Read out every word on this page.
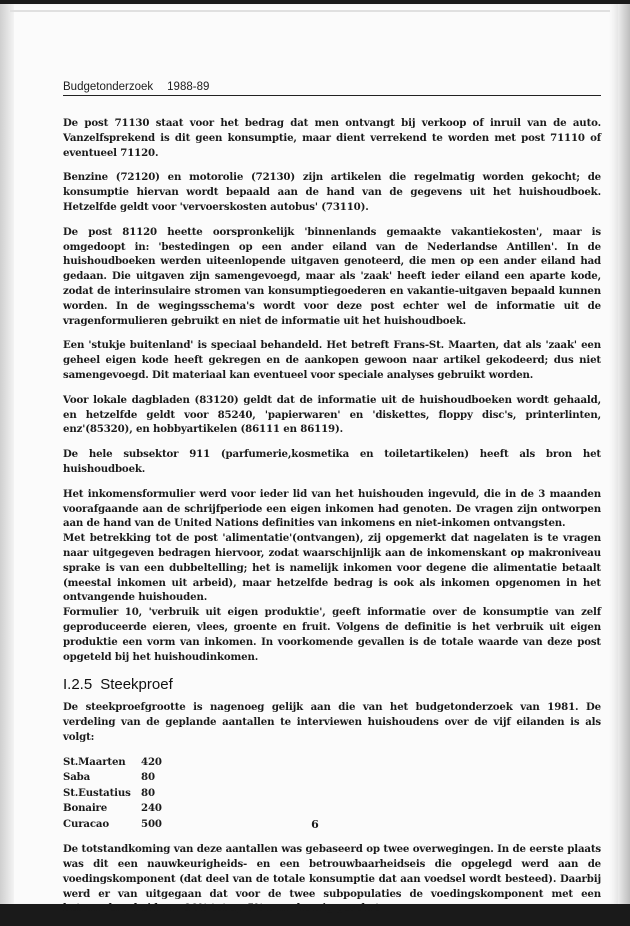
Budgetonderzoek 1988-89

De post 71130 staat voor het bedrag dat men ontvangt bij verkoop of inruil van de auto. Vanzelfsprekend is dit geen konsumptie, maar dient verrekend te worden met post 71110 of eventueel 71120.

Benzine (72120) en motorolie (72130) zijn artikelen die regelmatig worden gekocht; de konsumptie hiervan wordt bepaald aan de hand van de gegevens uit het huishoudboek. Hetzelfde geldt voor 'vervoerskosten autobus' (73110).

De post 81120 heette oorspronkelijk 'binnenlands gemaakte vakantiekosten', maar is omgedoopt in: 'bestedingen op een ander eiland van de Nederlandse Antillen'. In de huishoudboeken werden uiteenlopende uitgaven genoteerd, die men op een ander eiland had gedaan. Die uitgaven zijn samengevoegd, maar als 'zaak' heeft ieder eiland een aparte kode, zodat de interinsulaire stromen van konsumptiegoederen en vakantie-uitgaven bepaald kunnen worden. In de wegingsschema's wordt voor deze post echter wel de informatie uit de vragenformulieren gebruikt en niet de informatie uit het huishoudboek.

Een 'stukje buitenland' is speciaal behandeld. Het betreft Frans-St. Maarten, dat als 'zaak' een geheel eigen kode heeft gekregen en de aankopen gewoon naar artikel gekodeerd; dus niet samengevoegd. Dit materiaal kan eventueel voor speciale analyses gebruikt worden.

Voor lokale dagbladen (83120) geldt dat de informatie uit de huishoudboeken wordt gehaald, en hetzelfde geldt voor 85240, 'papierwaren' en 'diskettes, floppy disc's, printerlinten, enz'(85320), en hobbyartikelen (86111 en 86119).

De hele subsektor 911 (parfumerie,kosmetika en toiletartikelen) heeft als bron het huishoudboek.

Het inkomensformulier werd voor ieder lid van het huishouden ingevuld, die in de 3 maanden voorafgaande aan de schrijfperiode een eigen inkomen had genoten. De vragen zijn ontworpen aan de hand van de United Nations definities van inkomens en niet-inkomen ontvangsten.

Met betrekking tot de post 'alimentatie'(ontvangen), zij opgemerkt dat nagelaten is te vragen naar uitgegeven bedragen hiervoor, zodat waarschijnlijk aan de inkomenskant op makroniveau sprake is van een dubbeltelling; het is namelijk inkomen voor degene die alimentatie betaalt (meestal inkomen uit arbeid), maar hetzelfde bedrag is ook als inkomen opgenomen in het ontvangende huishouden.

Formulier 10, 'verbruik uit eigen produktie', geeft informatie over de konsumptie van zelf geproduceerde eieren, vlees, groente en fruit. Volgens de definitie is het verbruik uit eigen produktie een vorm van inkomen. In voorkomende gevallen is de totale waarde van deze post opgeteld bij het huishoudinkomen.

I.2.5 Steekproef

De steekproefgrootte is nagenoeg gelijk aan die van het budgetonderzoek van 1981. De verdeling van de geplande aantallen te interviewen huishoudens over de vijf eilanden is als volgt:

St.Maarten	420
Saba	80
St.Eustatius	80
Bonaire	240
Curacao	500

De totstandkoming van deze aantallen was gebaseerd op twee overwegingen. In de eerste plaats was dit een nauwkeurigheids- en een betrouwbaarheidseis die opgelegd werd aan de voedingskomponent (dat deel van de totale konsumptie dat aan voedsel wordt besteed). Daarbij werd er van uitgegaan dat voor de twee subpopulaties de voedingskomponent met een betrouwbaarheid van 90% tot op 5% nauwkeurig geschat

6
